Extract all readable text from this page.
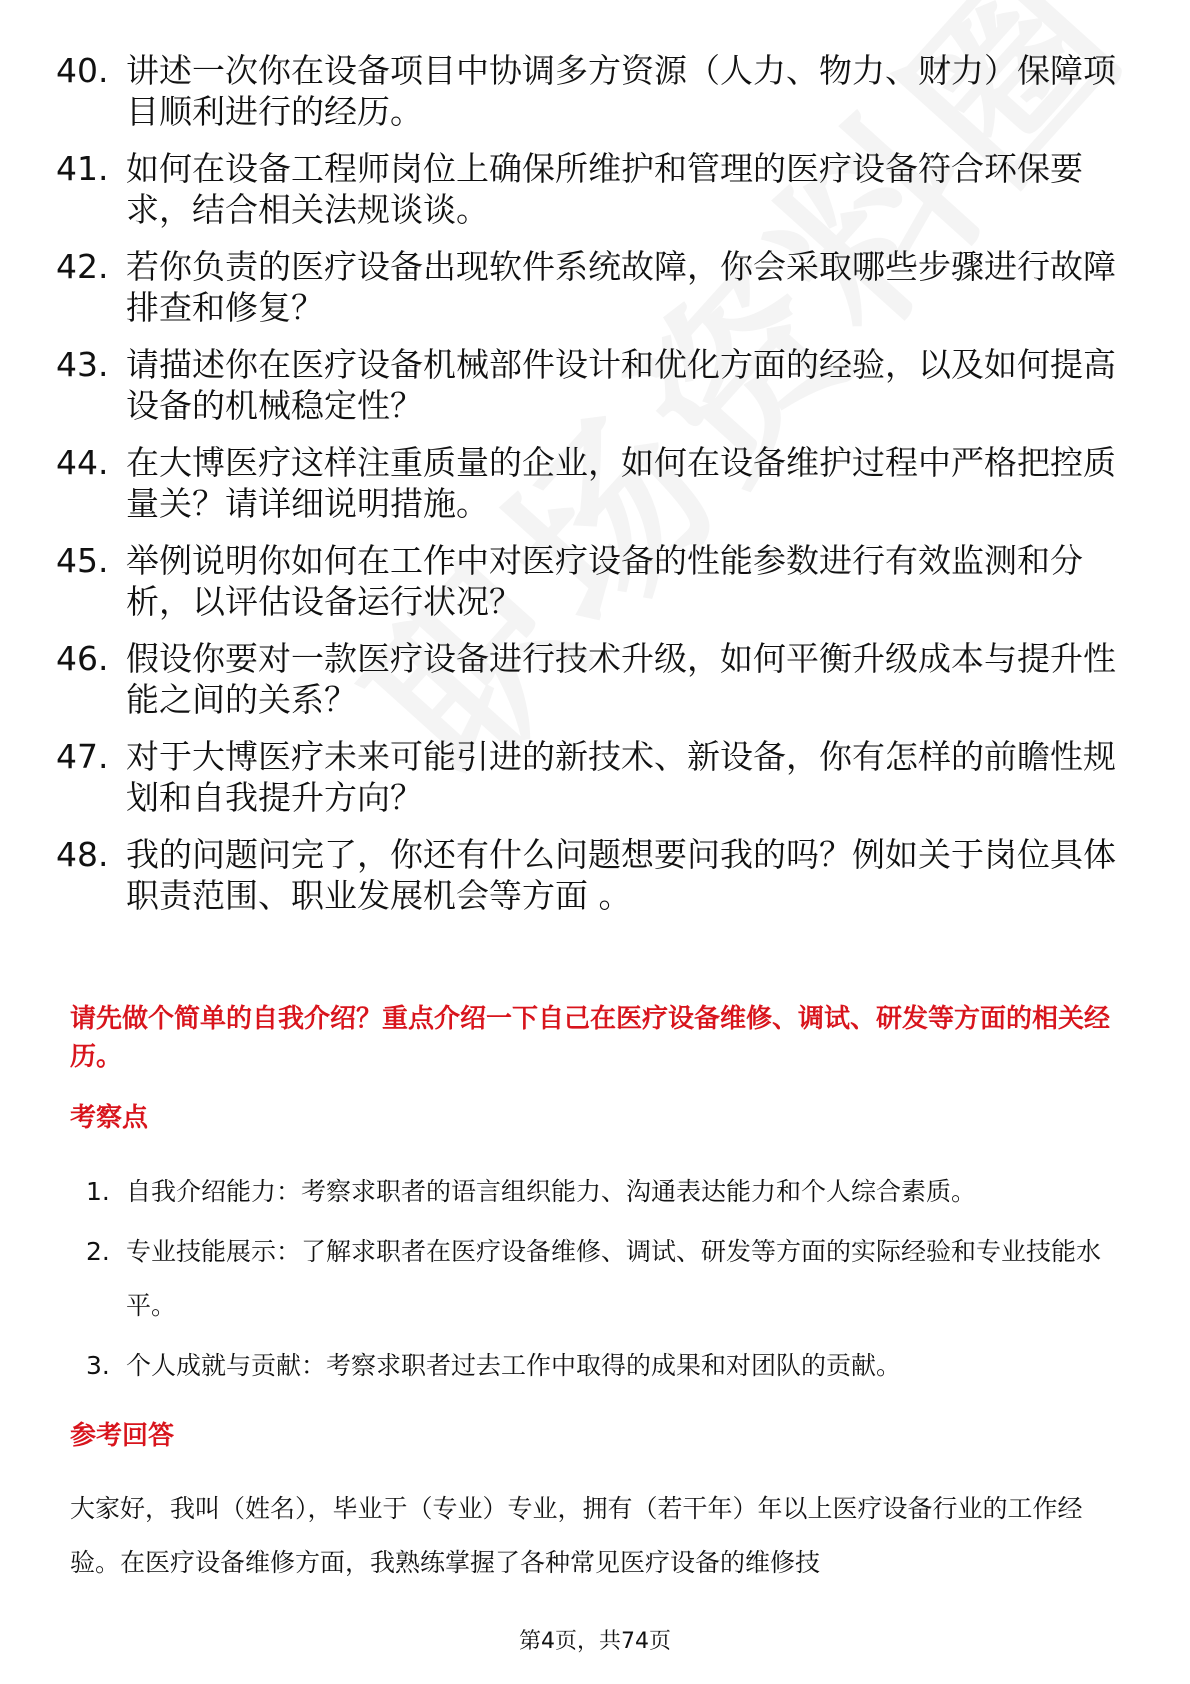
40. 讲述一次你在设备项目中协调多方资源（人力、物力、财力）保障项目顺利进行的经历。
41. 如何在设备工程师岗位上确保所维护和管理的医疗设备符合环保要求，结合相关法规谈谈。
42. 若你负责的医疗设备出现软件系统故障，你会采取哪些步骤进行故障排查和修复？
43. 请描述你在医疗设备机械部件设计和优化方面的经验，以及如何提高设备的机械稳定性？
44. 在大博医疗这样注重质量的企业，如何在设备维护过程中严格把控质量关？请详细说明措施。
45. 举例说明你如何在工作中对医疗设备的性能参数进行有效监测和分析，以评估设备运行状况？
46. 假设你要对一款医疗设备进行技术升级，如何平衡升级成本与提升性能之间的关系？
47. 对于大博医疗未来可能引进的新技术、新设备，你有怎样的前瞻性规划和自我提升方向？
48. 我的问题问完了，你还有什么问题想要问我的吗？例如关于岗位具体职责范围、职业发展机会等方面 。
请先做个简单的自我介绍？重点介绍一下自己在医疗设备维修、调试、研发等方面的相关经历。
考察点
1. 自我介绍能力：考察求职者的语言组织能力、沟通表达能力和个人综合素质。
2. 专业技能展示：了解求职者在医疗设备维修、调试、研发等方面的实际经验和专业技能水平。
3. 个人成就与贡献：考察求职者过去工作中取得的成果和对团队的贡献。
参考回答
大家好，我叫（姓名），毕业于（专业）专业，拥有（若干年）年以上医疗设备行业的工作经验。在医疗设备维修方面，我熟练掌握了各种常见医疗设备的维修技
第4页，共74页
